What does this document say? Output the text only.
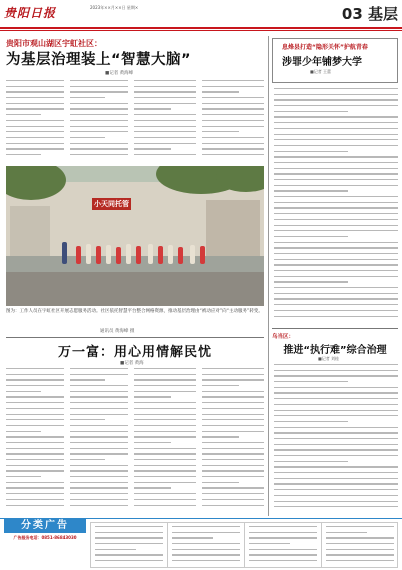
贵阳日报	2023年××月××日 星期×	03 基层
贵阳市观山湖区宇虹社区：
为基层治理装上“智慧大脑”
■记者 黄海峰
小天同托管
图为：工作人员在宇虹社区开展志愿服务活动。社区依托智慧平台整合网格资源，推动基层治理由“被动应对”向“主动服务”转变。
通讯员 黄海峰 摄
万一富：用心用情解民忧
■记者 黄海
息烽县打造“隐形关怀”护航青春
涉罪少年铺梦大学
■记者 王蕾
乌当区：
推进“执行难”综合治理
■记者 刘桂
分类广告
广告服务电话：0851-86843030
